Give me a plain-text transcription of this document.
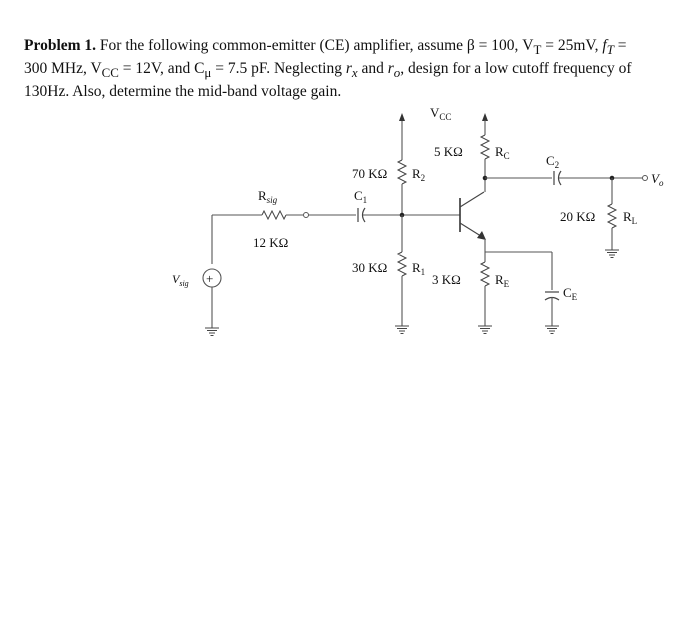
Problem 1. For the following common-emitter (CE) amplifier, assume β = 100, $V_T = 25mV$, $f_T$ =
300 MHz, $V_{CC} = 12V$, and $C_\mu = 7.5$ pF. Neglecting $r_x$ and $r_o$, design for a low cutoff frequency of
130Hz. Also, determine the mid-band voltage gain.
+
$V_{CC}$
$R_{sig}$
12 KΩ
$V_{sig}$
$C_1$
70 KΩ $R_2$
30 KΩ $R_1$
5 KΩ $R_C$
3 KΩ	$R_E$
$C_2$
$C_E$
20 KΩ $R_L$
$V_o$
